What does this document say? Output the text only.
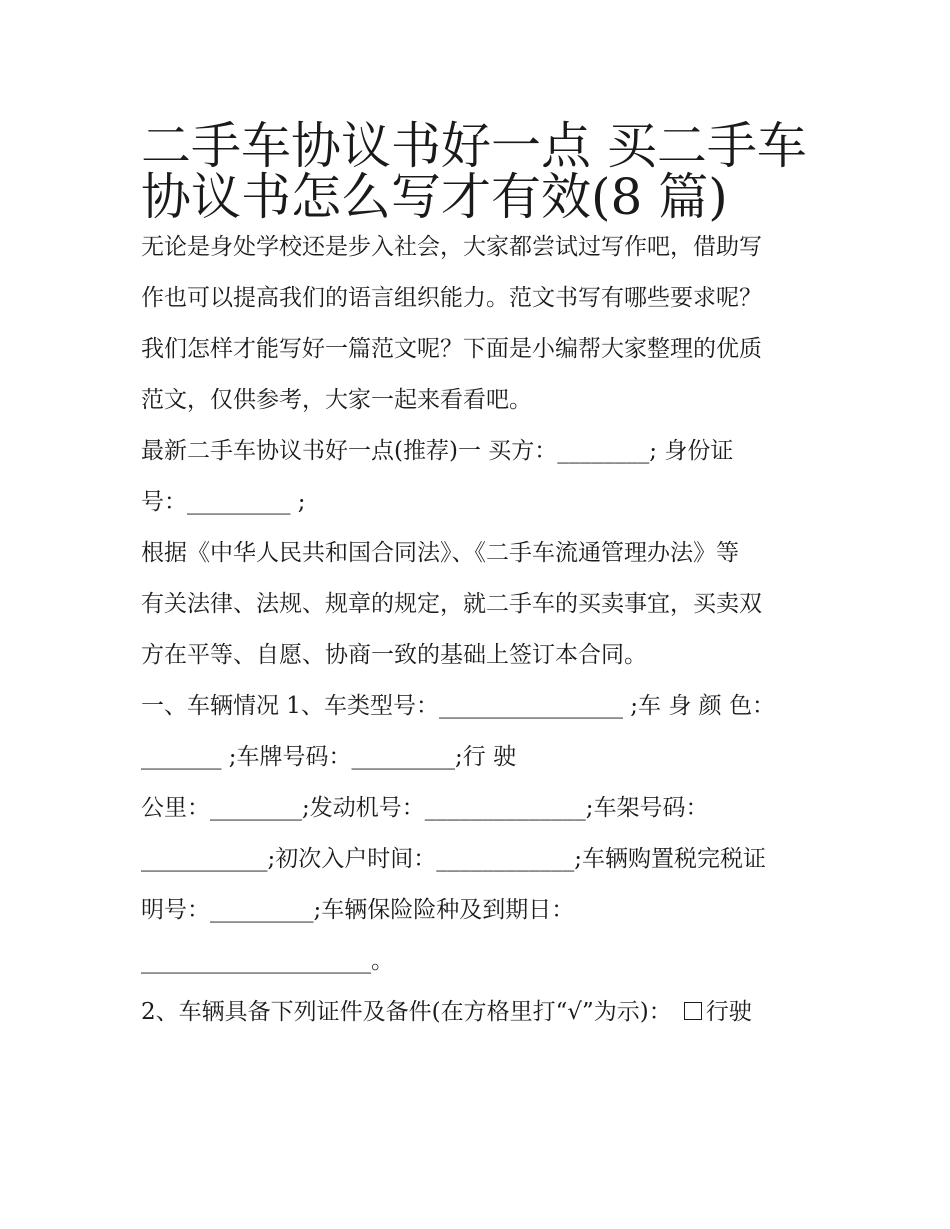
二手车协议书好一点 买二手车
协议书怎么写才有效(8 篇)
无论是身处学校还是步入社会，大家都尝试过写作吧，借助写
作也可以提高我们的语言组织能力。范文书写有哪些要求呢？
我们怎样才能写好一篇范文呢？下面是小编帮大家整理的优质
范文，仅供参考，大家一起来看看吧。
最新二手车协议书好一点(推荐)一 买方：________; 身份证
号：_________ ;
根据《中华人民共和国合同法》、《二手车流通管理办法》等
有关法律、法规、规章的规定，就二手车的买卖事宜，买卖双
方在平等、自愿、协商一致的基础上签订本合同。
一、车辆情况 1、车类型号：________________ ;车 身 颜 色：
_______ ;车牌号码：_________;行 驶
公里：________;发动机号：______________;车架号码：
___________;初次入户时间：____________;车辆购置税完税证
明号：_________;车辆保险险种及到期日：
____________________。
2、车辆具备下列证件及备件(在方格里打“√”为示)： 行驶
